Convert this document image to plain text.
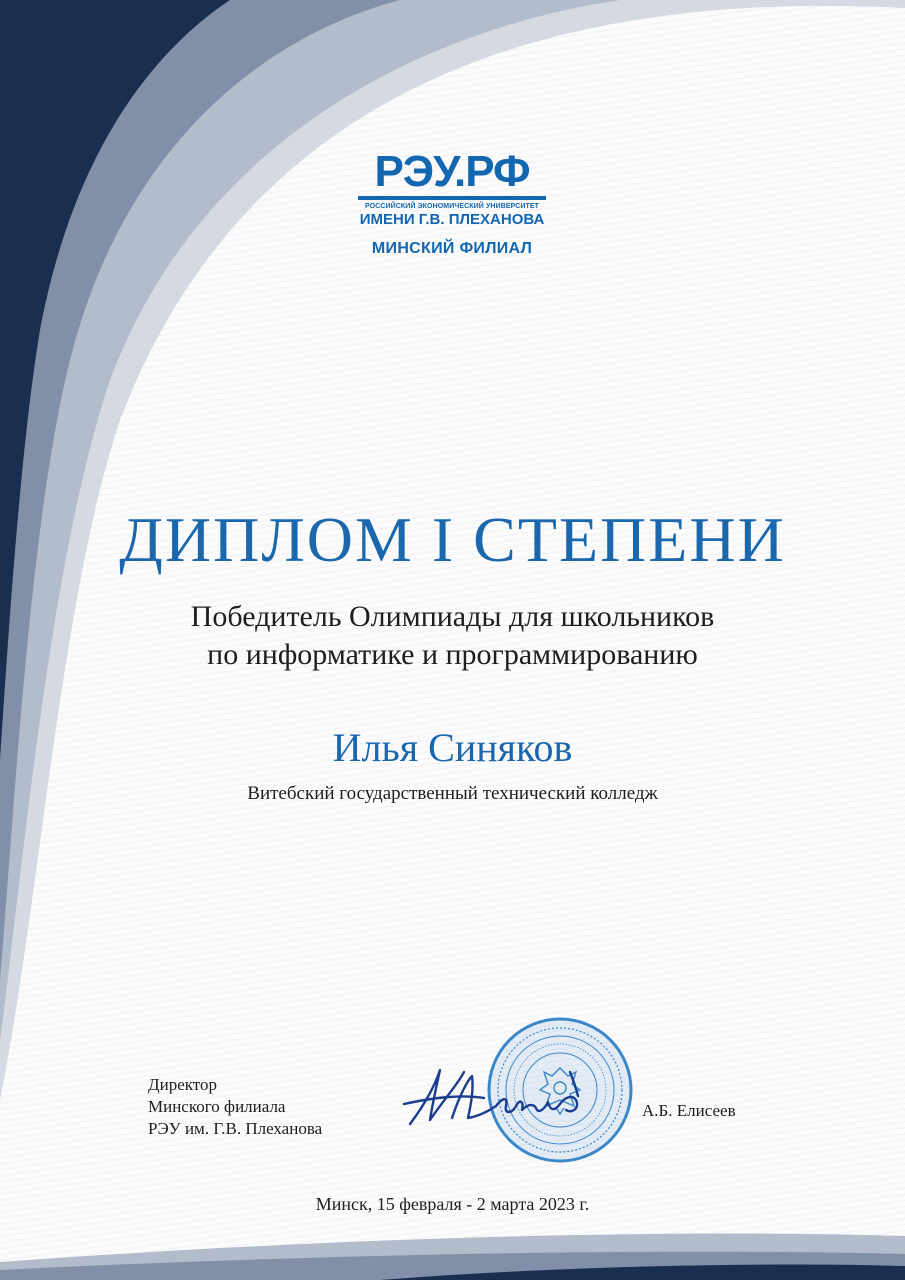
РЭУ.РФ
РОССИЙСКИЙ ЭКОНОМИЧЕСКИЙ УНИВЕРСИТЕТ
ИМЕНИ Г.В. ПЛЕХАНОВА
МИНСКИЙ ФИЛИАЛ
ДИПЛОМ I СТЕПЕНИ
Победитель Олимпиады для школьников
по информатике и программированию
Илья Синяков
Витебский государственный технический колледж
Директор
Минского филиала
РЭУ им. Г.В. Плеханова
А.Б. Елисеев
Минск, 15 февраля - 2 марта 2023 г.
